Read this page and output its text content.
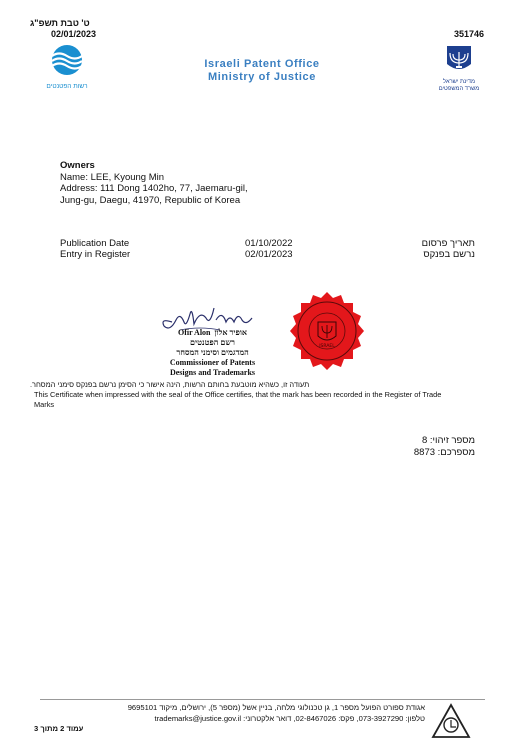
ט' טבת תשפ"ג
02/01/2023	351746
רשות הפטנטים
Israeli Patent Office
Ministry of Justice	מדינת ישראל
משרד המשפטים
Owners
Name: LEE, Kyoung Min
Address: 111 Dong 1402ho, 77, Jaemaru-gil,
Jung-gu, Daegu, 41970, Republic of Korea
Publication Date	01/10/2022	תאריך פרסום
Entry in Register	02/01/2023	נרשם בפנקס
Ofir Alon אופיר אלון
רשם הפטנטים
המדגמים וסימני המסחר
Commissioner of Patents
Designs and Trademarks
ISRAEL
תעודה זו, כשהיא מוטבעת בחותם הרשות, הינה אישור כי הסימן נרשם בפנקס סימני המסחר.
This Certificate when impressed with the seal of the Office certifies, that the mark has been recorded in the Register of Trade
Marks
מספר זיהוי: 8
מספרכם: 8873
אגודת ספורט הפועל מספר 1, גן טכנולוגי מלחה, בניין אשל (מספר 5), ירושלים, מיקוד 9695101
טלפון: 073-3927290, פקס: 02-8467026, דואר אלקטרוני: trademarks@justice.gov.il
עמוד 2 מתוך 3
